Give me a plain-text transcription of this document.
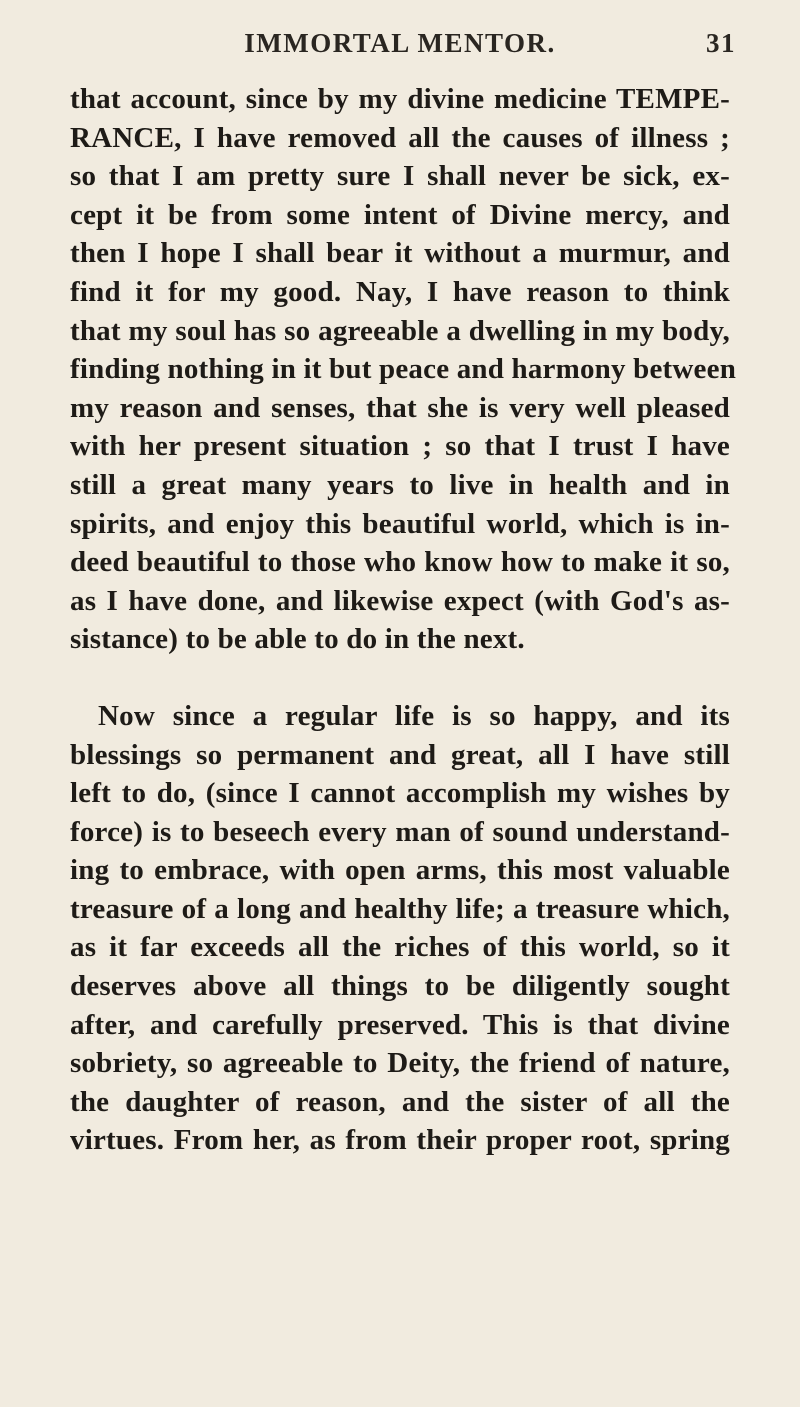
IMMORTAL MENTOR.	31

that account, since by my divine medicine TEMPE-
RANCE, I have removed all the causes of illness ;
so that I am pretty sure I shall never be sick, ex-
cept it be from some intent of Divine mercy, and
then I hope I shall bear it without a murmur, and
find it for my good. Nay, I have reason to think
that my soul has so agreeable a dwelling in my body,
finding nothing in it but peace and harmony between
my reason and senses, that she is very well pleased
with her present situation ; so that I trust I have
still a great many years to live in health and in
spirits, and enjoy this beautiful world, which is in-
deed beautiful to those who know how to make it so,
as I have done, and likewise expect (with God's as-
sistance) to be able to do in the next.

Now since a regular life is so happy, and its
blessings so permanent and great, all I have still
left to do, (since I cannot accomplish my wishes by
force) is to beseech every man of sound understand-
ing to embrace, with open arms, this most valuable
treasure of a long and healthy life; a treasure which,
as it far exceeds all the riches of this world, so it
deserves above all things to be diligently sought
after, and carefully preserved. This is that divine
sobriety, so agreeable to Deity, the friend of nature,
the daughter of reason, and the sister of all the
virtues. From her, as from their proper root, spring
